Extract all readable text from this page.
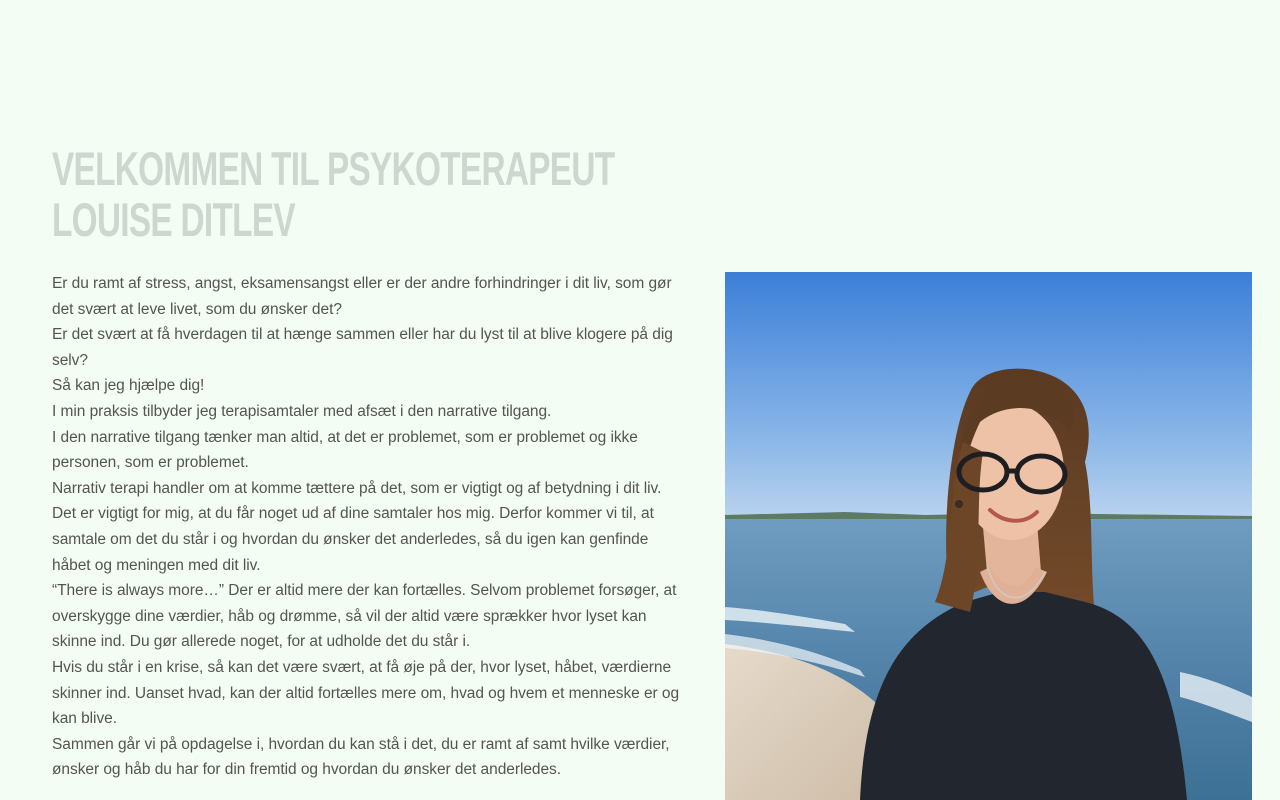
VELKOMMEN TIL PSYKOTERAPEUT
LOUISE DITLEV

Er du ramt af stress, angst, eksamensangst eller er der andre forhindringer i dit liv, som gør det svært at leve livet, som du ønsker det?

Er det svært at få hverdagen til at hænge sammen eller har du lyst til at blive klogere på dig selv?

Så kan jeg hjælpe dig!

I min praksis tilbyder jeg terapisamtaler med afsæt i den narrative tilgang.

I den narrative tilgang tænker man altid, at det er problemet, som er problemet og ikke personen, som er problemet.

Narrativ terapi handler om at komme tættere på det, som er vigtigt og af betydning i dit liv.

Det er vigtigt for mig, at du får noget ud af dine samtaler hos mig. Derfor kommer vi til, at samtale om det du står i og hvordan du ønsker det anderledes, så du igen kan genfinde håbet og meningen med dit liv.

“There is always more…” Der er altid mere der kan fortælles. Selvom problemet forsøger, at overskygge dine værdier, håb og drømme, så vil der altid være sprækker hvor lyset kan skinne ind. Du gør allerede noget, for at udholde det du står i.

Hvis du står i en krise, så kan det være svært, at få øje på der, hvor lyset, håbet, værdierne skinner ind. Uanset hvad, kan der altid fortælles mere om, hvad og hvem et menneske er og kan blive.

Sammen går vi på opdagelse i, hvordan du kan stå i det, du er ramt af samt hvilke værdier, ønsker og håb du har for din fremtid og hvordan du ønsker det anderledes.
